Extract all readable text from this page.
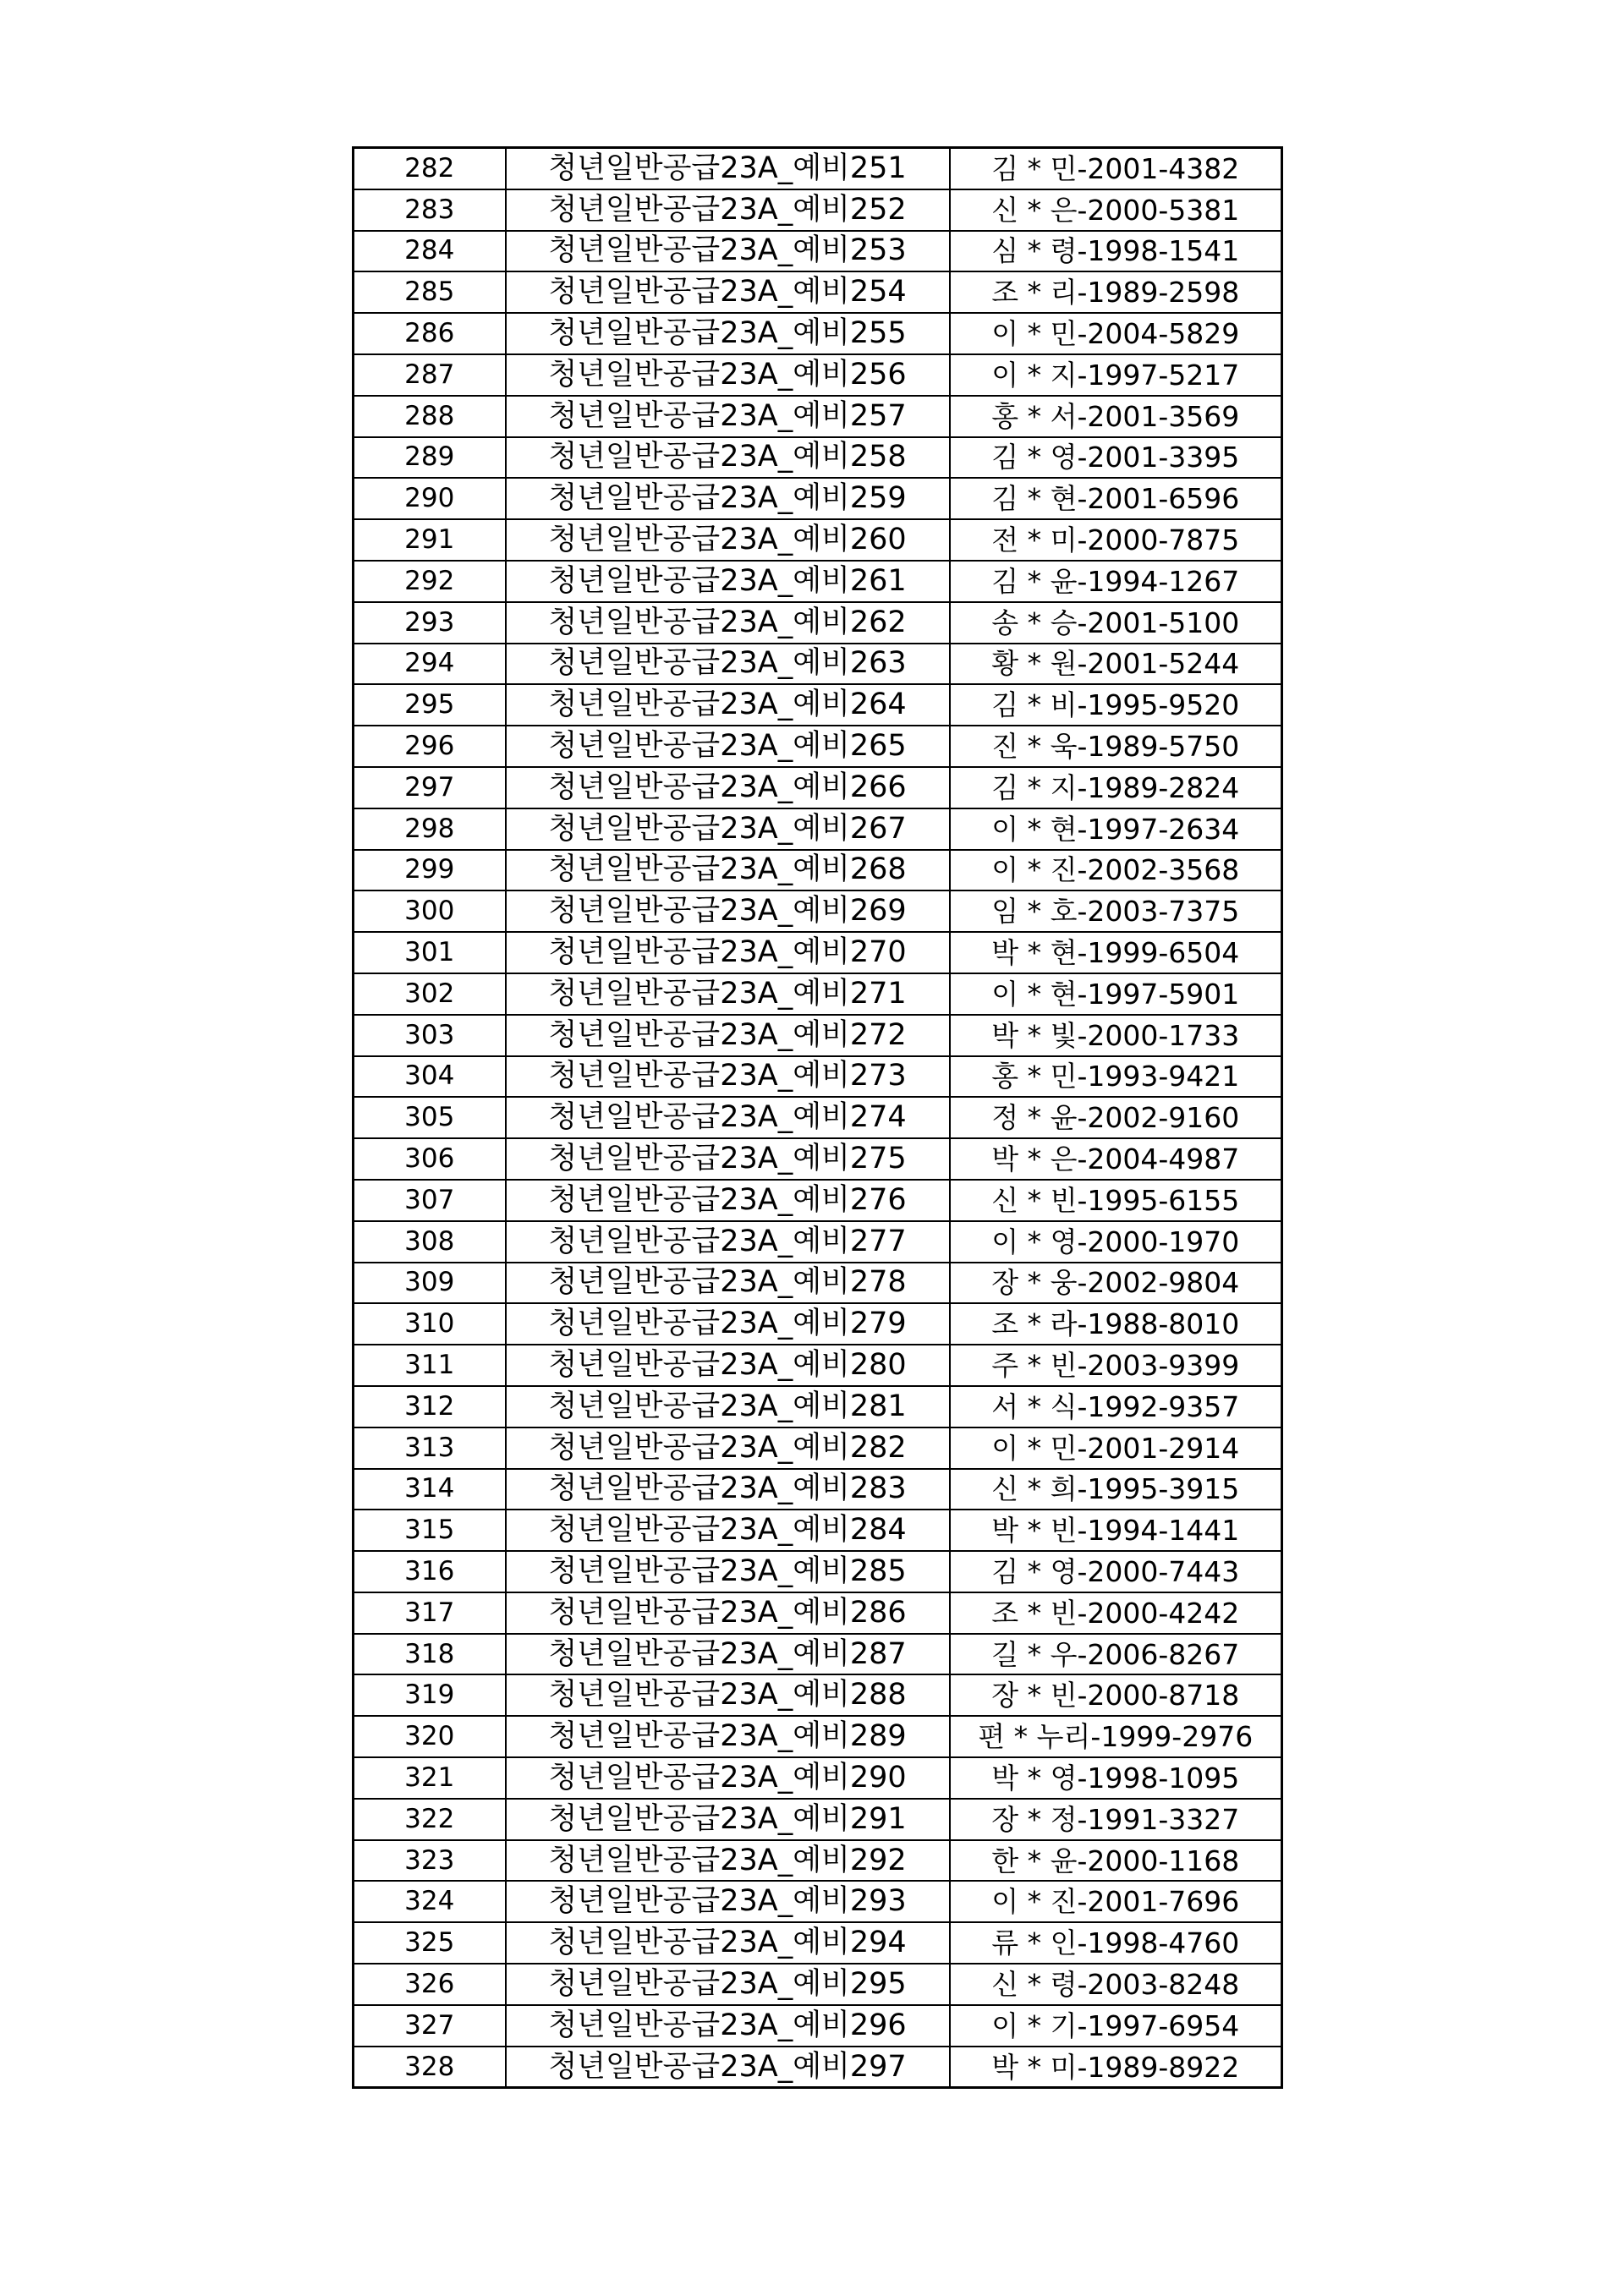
282	청년일반공급23A_예비251	김 * 민-2001-4382
283	청년일반공급23A_예비252	신 * 은-2000-5381
284	청년일반공급23A_예비253	심 * 령-1998-1541
285	청년일반공급23A_예비254	조 * 리-1989-2598
286	청년일반공급23A_예비255	이 * 민-2004-5829
287	청년일반공급23A_예비256	이 * 지-1997-5217
288	청년일반공급23A_예비257	홍 * 서-2001-3569
289	청년일반공급23A_예비258	김 * 영-2001-3395
290	청년일반공급23A_예비259	김 * 현-2001-6596
291	청년일반공급23A_예비260	전 * 미-2000-7875
292	청년일반공급23A_예비261	김 * 윤-1994-1267
293	청년일반공급23A_예비262	송 * 승-2001-5100
294	청년일반공급23A_예비263	황 * 원-2001-5244
295	청년일반공급23A_예비264	김 * 비-1995-9520
296	청년일반공급23A_예비265	진 * 욱-1989-5750
297	청년일반공급23A_예비266	김 * 지-1989-2824
298	청년일반공급23A_예비267	이 * 현-1997-2634
299	청년일반공급23A_예비268	이 * 진-2002-3568
300	청년일반공급23A_예비269	임 * 호-2003-7375
301	청년일반공급23A_예비270	박 * 현-1999-6504
302	청년일반공급23A_예비271	이 * 현-1997-5901
303	청년일반공급23A_예비272	박 * 빛-2000-1733
304	청년일반공급23A_예비273	홍 * 민-1993-9421
305	청년일반공급23A_예비274	정 * 윤-2002-9160
306	청년일반공급23A_예비275	박 * 은-2004-4987
307	청년일반공급23A_예비276	신 * 빈-1995-6155
308	청년일반공급23A_예비277	이 * 영-2000-1970
309	청년일반공급23A_예비278	장 * 웅-2002-9804
310	청년일반공급23A_예비279	조 * 라-1988-8010
311	청년일반공급23A_예비280	주 * 빈-2003-9399
312	청년일반공급23A_예비281	서 * 식-1992-9357
313	청년일반공급23A_예비282	이 * 민-2001-2914
314	청년일반공급23A_예비283	신 * 희-1995-3915
315	청년일반공급23A_예비284	박 * 빈-1994-1441
316	청년일반공급23A_예비285	김 * 영-2000-7443
317	청년일반공급23A_예비286	조 * 빈-2000-4242
318	청년일반공급23A_예비287	길 * 우-2006-8267
319	청년일반공급23A_예비288	장 * 빈-2000-8718
320	청년일반공급23A_예비289	편 * 누리-1999-2976
321	청년일반공급23A_예비290	박 * 영-1998-1095
322	청년일반공급23A_예비291	장 * 정-1991-3327
323	청년일반공급23A_예비292	한 * 윤-2000-1168
324	청년일반공급23A_예비293	이 * 진-2001-7696
325	청년일반공급23A_예비294	류 * 인-1998-4760
326	청년일반공급23A_예비295	신 * 령-2003-8248
327	청년일반공급23A_예비296	이 * 기-1997-6954
328	청년일반공급23A_예비297	박 * 미-1989-8922
